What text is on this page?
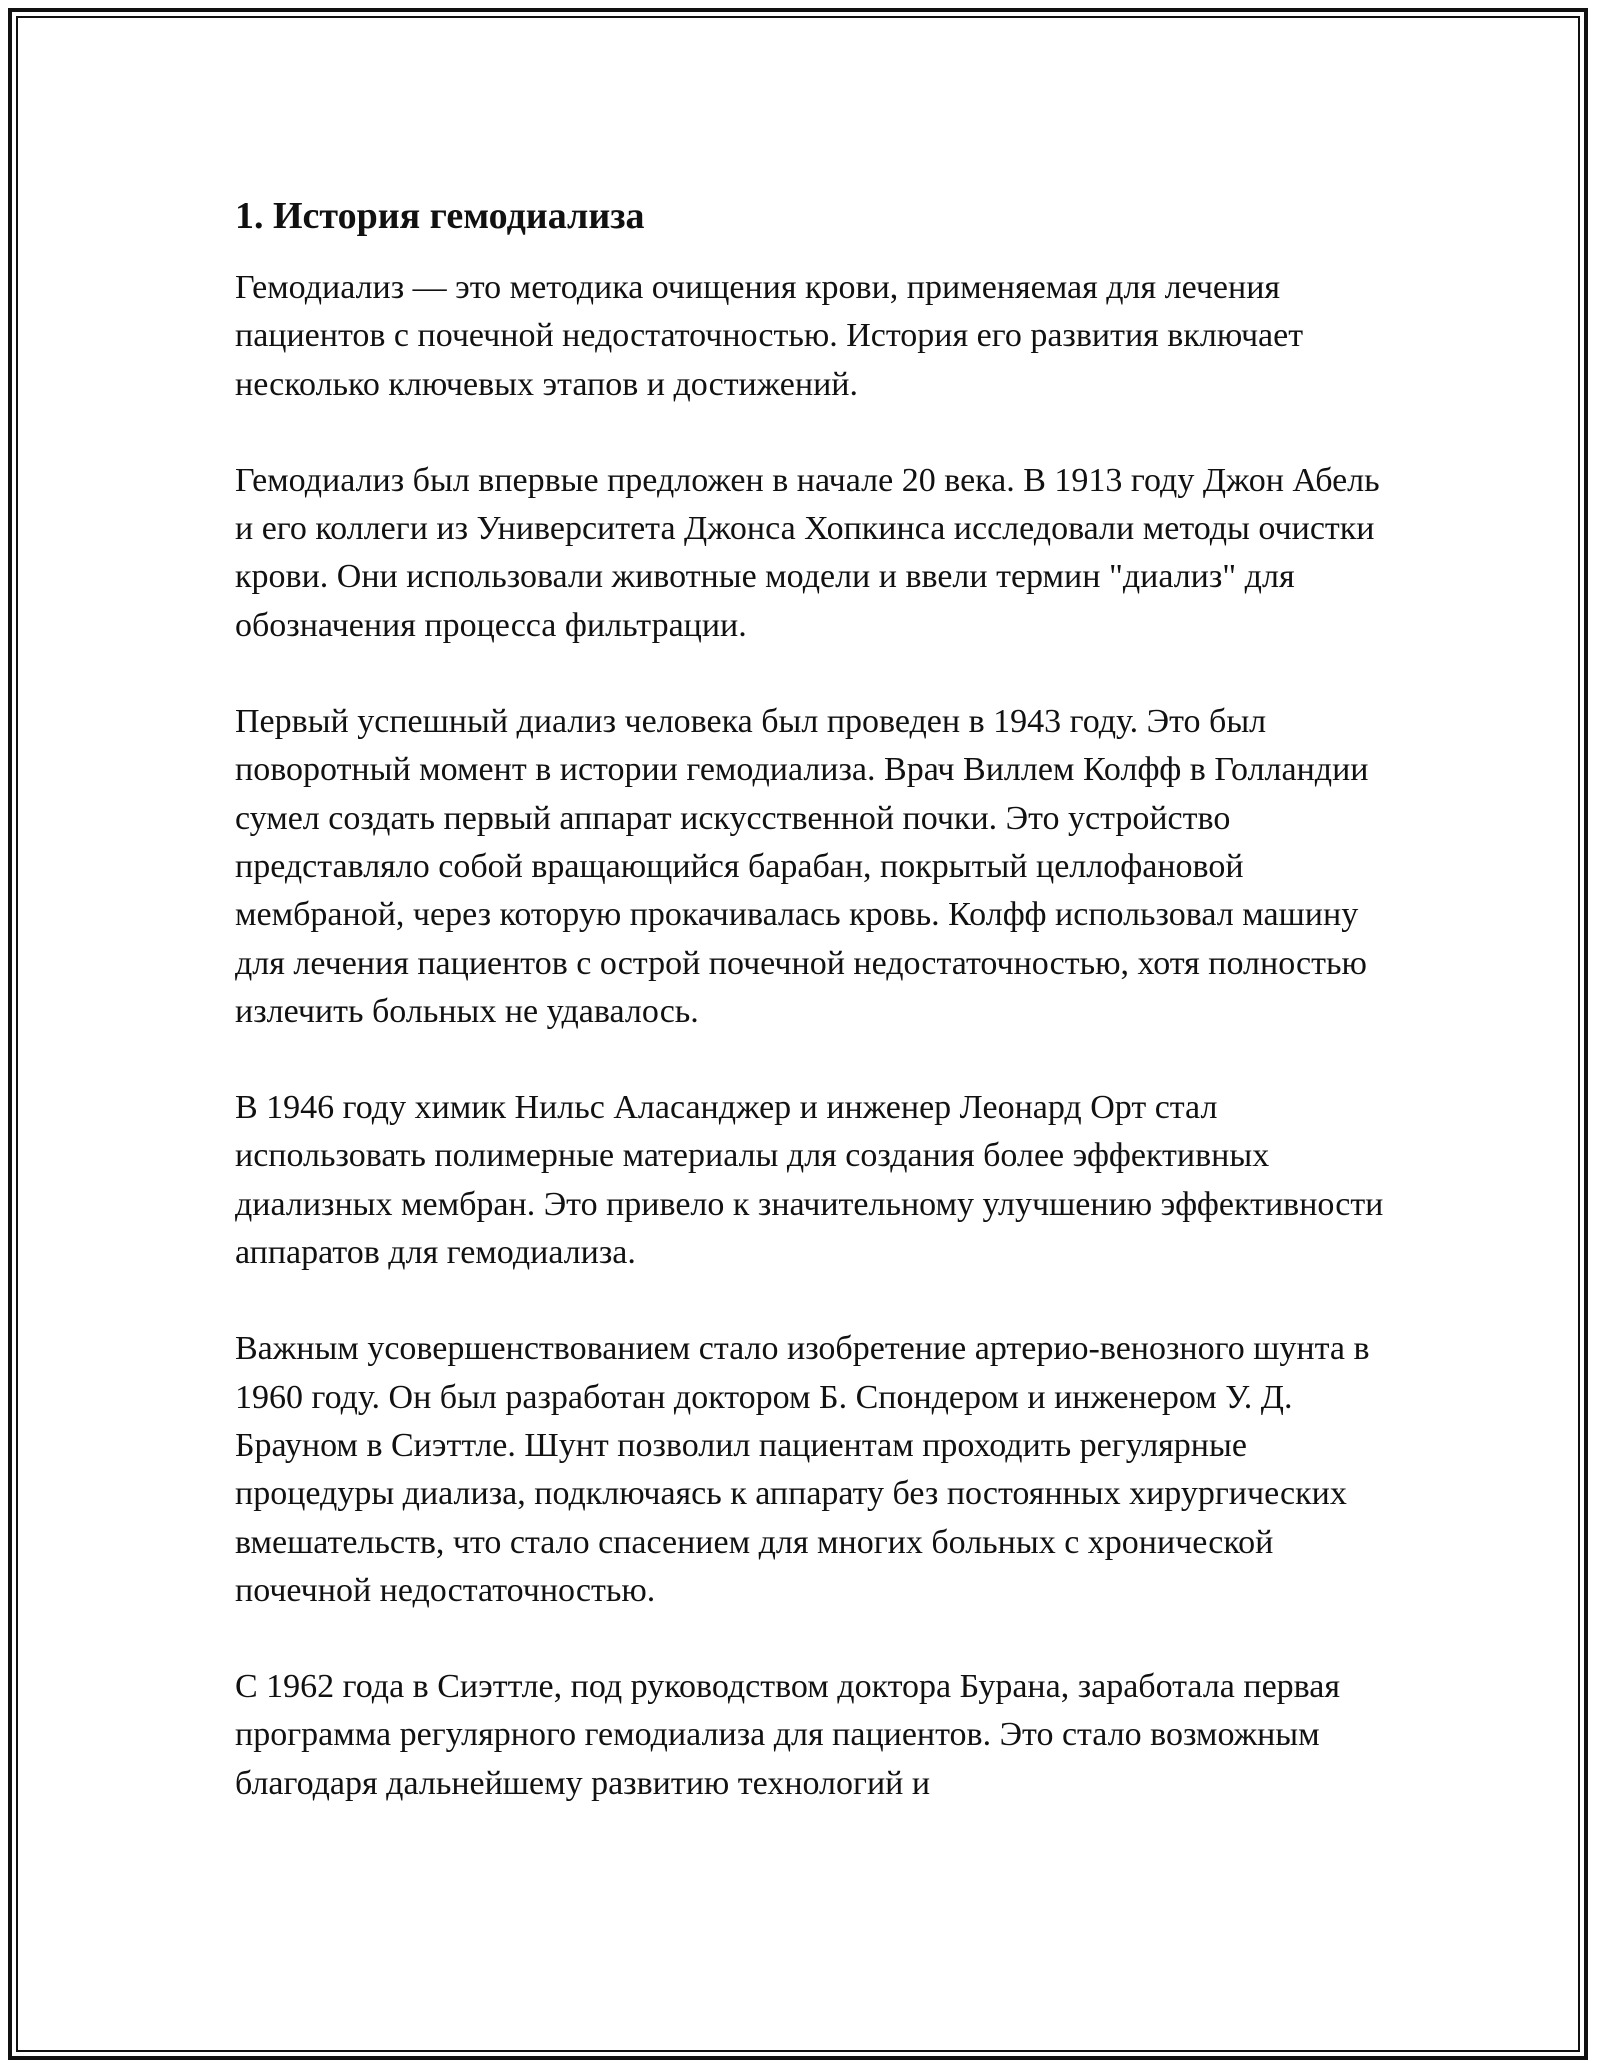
1. История гемодиализа

Гемодиализ — это методика очищения крови, применяемая для лечения пациентов с почечной недостаточностью. История его развития включает несколько ключевых этапов и достижений.

Гемодиализ был впервые предложен в начале 20 века. В 1913 году Джон Абель и его коллеги из Университета Джонса Хопкинса исследовали методы очистки крови. Они использовали животные модели и ввели термин "диализ" для обозначения процесса фильтрации.

Первый успешный диализ человека был проведен в 1943 году. Это был поворотный момент в истории гемодиализа. Врач Виллем Колфф в Голландии сумел создать первый аппарат искусственной почки. Это устройство представляло собой вращающийся барабан, покрытый целлофановой мембраной, через которую прокачивалась кровь. Колфф использовал машину для лечения пациентов с острой почечной недостаточностью, хотя полностью излечить больных не удавалось.

В 1946 году химик Нильс Аласанджер и инженер Леонард Орт стал использовать полимерные материалы для создания более эффективных диализных мембран. Это привело к значительному улучшению эффективности аппаратов для гемодиализа.

Важным усовершенствованием стало изобретение артерио-венозного шунта в 1960 году. Он был разработан доктором Б. Спондером и инженером У. Д. Брауном в Сиэттле. Шунт позволил пациентам проходить регулярные процедуры диализа, подключаясь к аппарату без постоянных хирургических вмешательств, что стало спасением для многих больных с хронической почечной недостаточностью.

С 1962 года в Сиэттле, под руководством доктора Бурана, заработала первая программа регулярного гемодиализа для пациентов. Это стало возможным благодаря дальнейшему развитию технологий и
